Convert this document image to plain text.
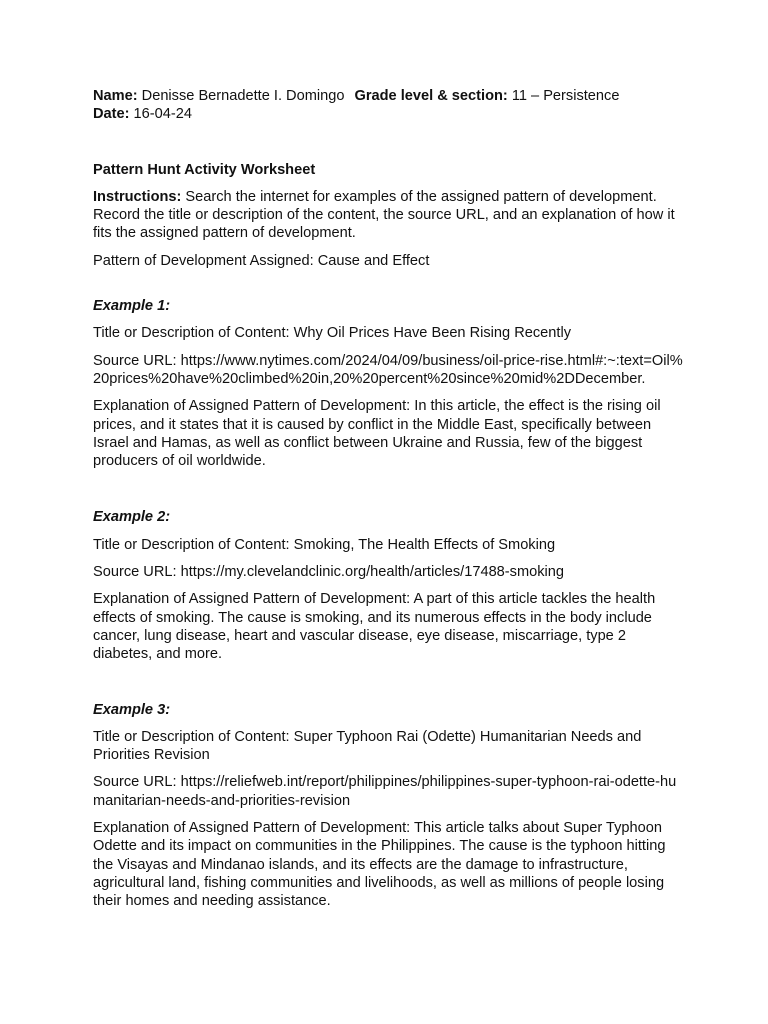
Name: Denisse Bernadette I. Domingo Grade level & section: 11 – Persistence

Date: 16-04-24

Pattern Hunt Activity Worksheet

Instructions: Search the internet for examples of the assigned pattern of development. Record the title or description of the content, the source URL, and an explanation of how it fits the assigned pattern of development.

Pattern of Development Assigned: Cause and Effect

Example 1:

Title or Description of Content: Why Oil Prices Have Been Rising Recently

Source URL: https://www.nytimes.com/2024/04/09/business/oil-price-rise.html#:~:text=Oil%20prices%20have%20climbed%20in,20%20percent%20since%20mid%2DDecember.

Explanation of Assigned Pattern of Development: In this article, the effect is the rising oil prices, and it states that it is caused by conflict in the Middle East, specifically between Israel and Hamas, as well as conflict between Ukraine and Russia, few of the biggest producers of oil worldwide.

Example 2:

Title or Description of Content: Smoking, The Health Effects of Smoking

Source URL: https://my.clevelandclinic.org/health/articles/17488-smoking

Explanation of Assigned Pattern of Development: A part of this article tackles the health effects of smoking. The cause is smoking, and its numerous effects in the body include cancer, lung disease, heart and vascular disease, eye disease, miscarriage, type 2 diabetes, and more.

Example 3:

Title or Description of Content: Super Typhoon Rai (Odette) Humanitarian Needs and Priorities Revision

Source URL: https://reliefweb.int/report/philippines/philippines-super-typhoon-rai-odette-humanitarian-needs-and-priorities-revision

Explanation of Assigned Pattern of Development: This article talks about Super Typhoon Odette and its impact on communities in the Philippines. The cause is the typhoon hitting the Visayas and Mindanao islands, and its effects are the damage to infrastructure, agricultural land, fishing communities and livelihoods, as well as millions of people losing their homes and needing assistance.
